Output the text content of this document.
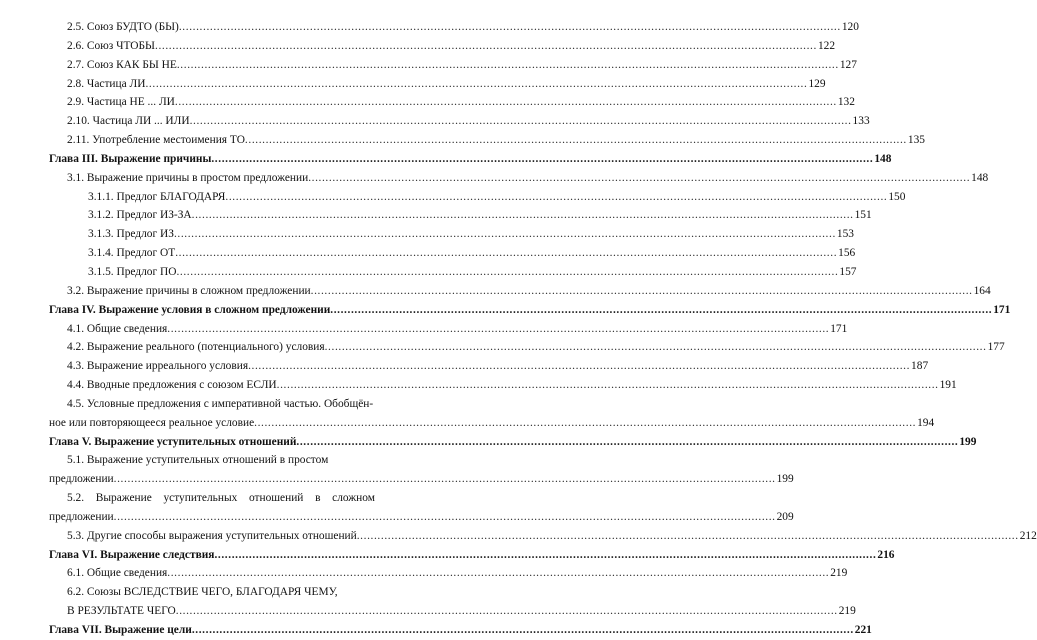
2.5. Союз БУДТО (БЫ) .....	120
2.6. Союз ЧТОБЫ .....	122
2.7. Союз КАК БЫ НЕ .....	127
2.8. Частица ЛИ .....	129
2.9. Частица НЕ ... ЛИ .....	132
2.10. Частица ЛИ ... ИЛИ .....	133
2.11. Употребление местоимения ТО .....	135
Глава III. Выражение причины .....	148
3.1. Выражение причины в простом предложении .....	148
3.1.1. Предлог БЛАГОДАРЯ .....	150
3.1.2. Предлог ИЗ-ЗА .....	151
3.1.3. Предлог ИЗ .....	153
3.1.4. Предлог ОТ .....	156
3.1.5. Предлог ПО .....	157
3.2. Выражение причины в сложном предложении .....	164
Глава IV. Выражение условия в сложном предложении .....	171
4.1. Общие сведения .....	171
4.2. Выражение реального (потенциального) условия .....	177
4.3. Выражение ирреального условия .....	187
4.4. Вводные предложения с союзом ЕСЛИ .....	191
4.5. Условные предложения с императивной частью. Обобщён-
ное или повторяющееся реальное условие .....	194
Глава V. Выражение уступительных отношений .....	199
5.1. Выражение уступительных отношений в простом
предложении .....	199
5.2. Выражение уступительных отношений в сложном
предложении .....	209
5.3. Другие способы выражения уступительных отношений .....	212
Глава VI. Выражение следствия .....	216
6.1. Общие сведения .....	219
6.2. Союзы ВСЛЕДСТВИЕ ЧЕГО, БЛАГОДАРЯ ЧЕМУ,
В РЕЗУЛЬТАТЕ ЧЕГО .....	219
Глава VII. Выражение цели .....	221
